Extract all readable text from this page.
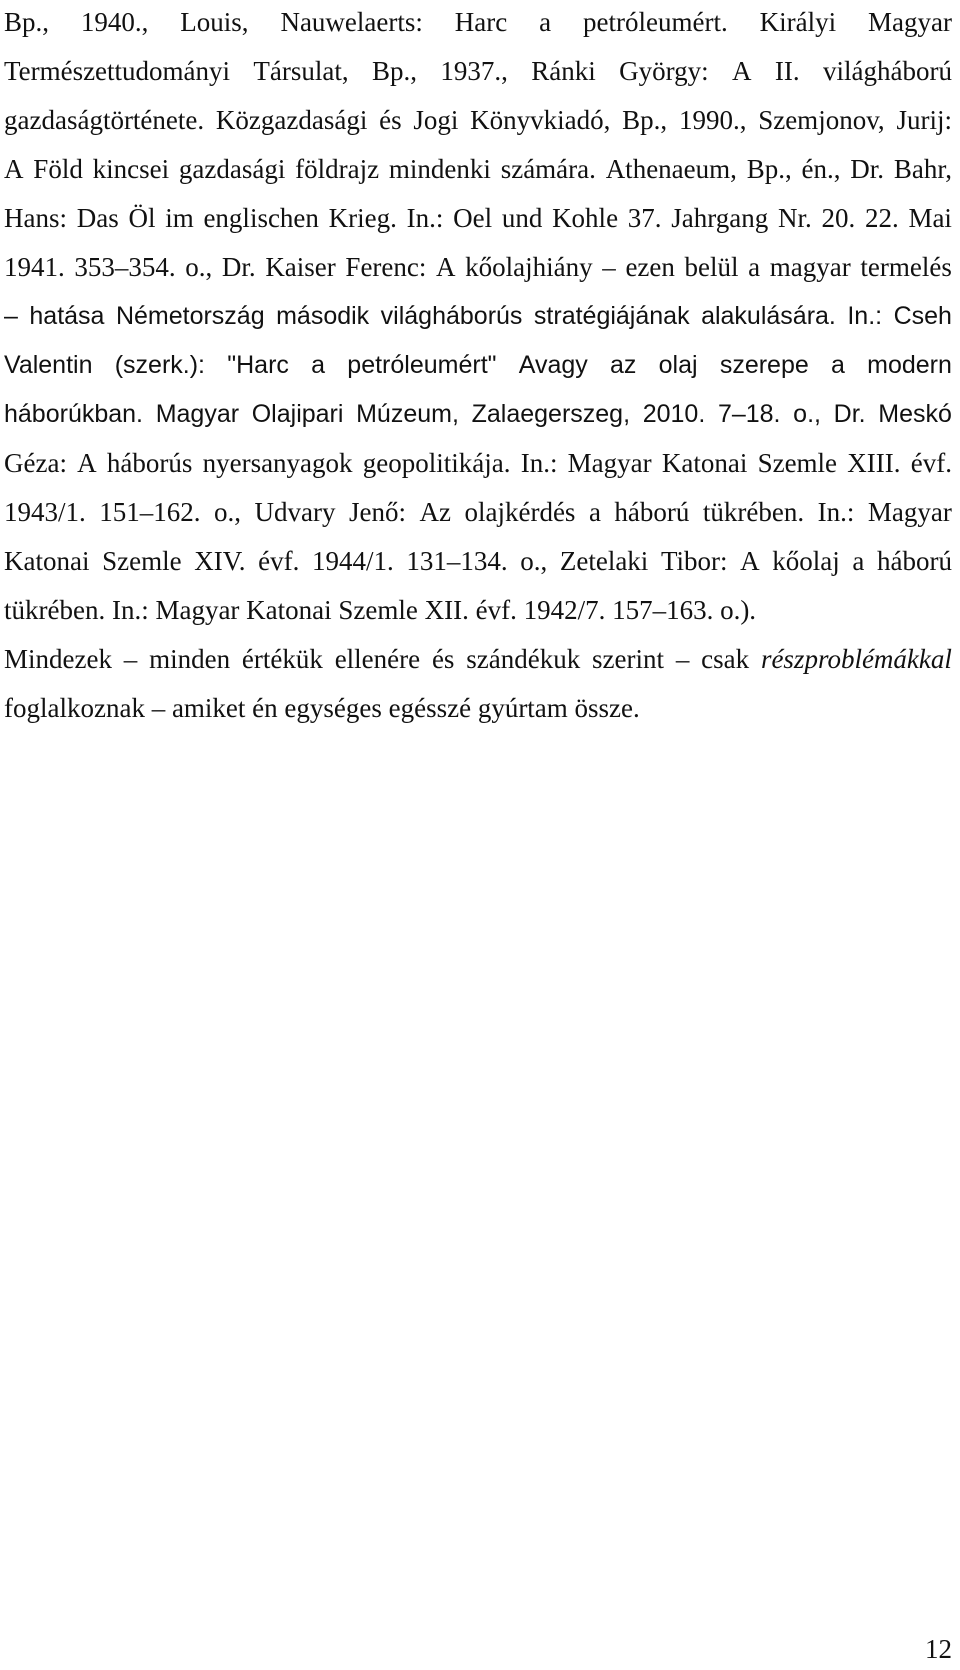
Bp., 1940., Louis, Nauwelaerts: Harc a petróleumért. Királyi Magyar
Természettudományi Társulat, Bp., 1937., Ránki György: A II. világháború
gazdaságtörténete. Közgazdasági és Jogi Könyvkiadó, Bp., 1990., Szemjonov, Jurij:
A Föld kincsei gazdasági földrajz mindenki számára. Athenaeum, Bp., én., Dr. Bahr,
Hans: Das Öl im englischen Krieg. In.: Oel und Kohle 37. Jahrgang Nr. 20. 22. Mai
1941. 353–354. o., Dr. Kaiser Ferenc: A kőolajhiány – ezen belül a magyar termelés
– hatása Németország második világháborús stratégiájának alakulására. In.: Cseh
Valentin (szerk.): "Harc a petróleumért" Avagy az olaj szerepe a modern
háborúkban. Magyar Olajipari Múzeum, Zalaegerszeg, 2010. 7–18. o., Dr. Meskó
Géza: A háborús nyersanyagok geopolitikája. In.: Magyar Katonai Szemle XIII. évf.
1943/1. 151–162. o., Udvary Jenő: Az olajkérdés a háború tükrében. In.: Magyar
Katonai Szemle XIV. évf. 1944/1. 131–134. o., Zetelaki Tibor: A kőolaj a háború
tükrében. In.: Magyar Katonai Szemle XII. évf. 1942/7. 157–163. o.).
Mindezek – minden értékük ellenére és szándékuk szerint – csak részproblémákkal
foglalkoznak – amiket én egységes egésszé gyúrtam össze.
12
